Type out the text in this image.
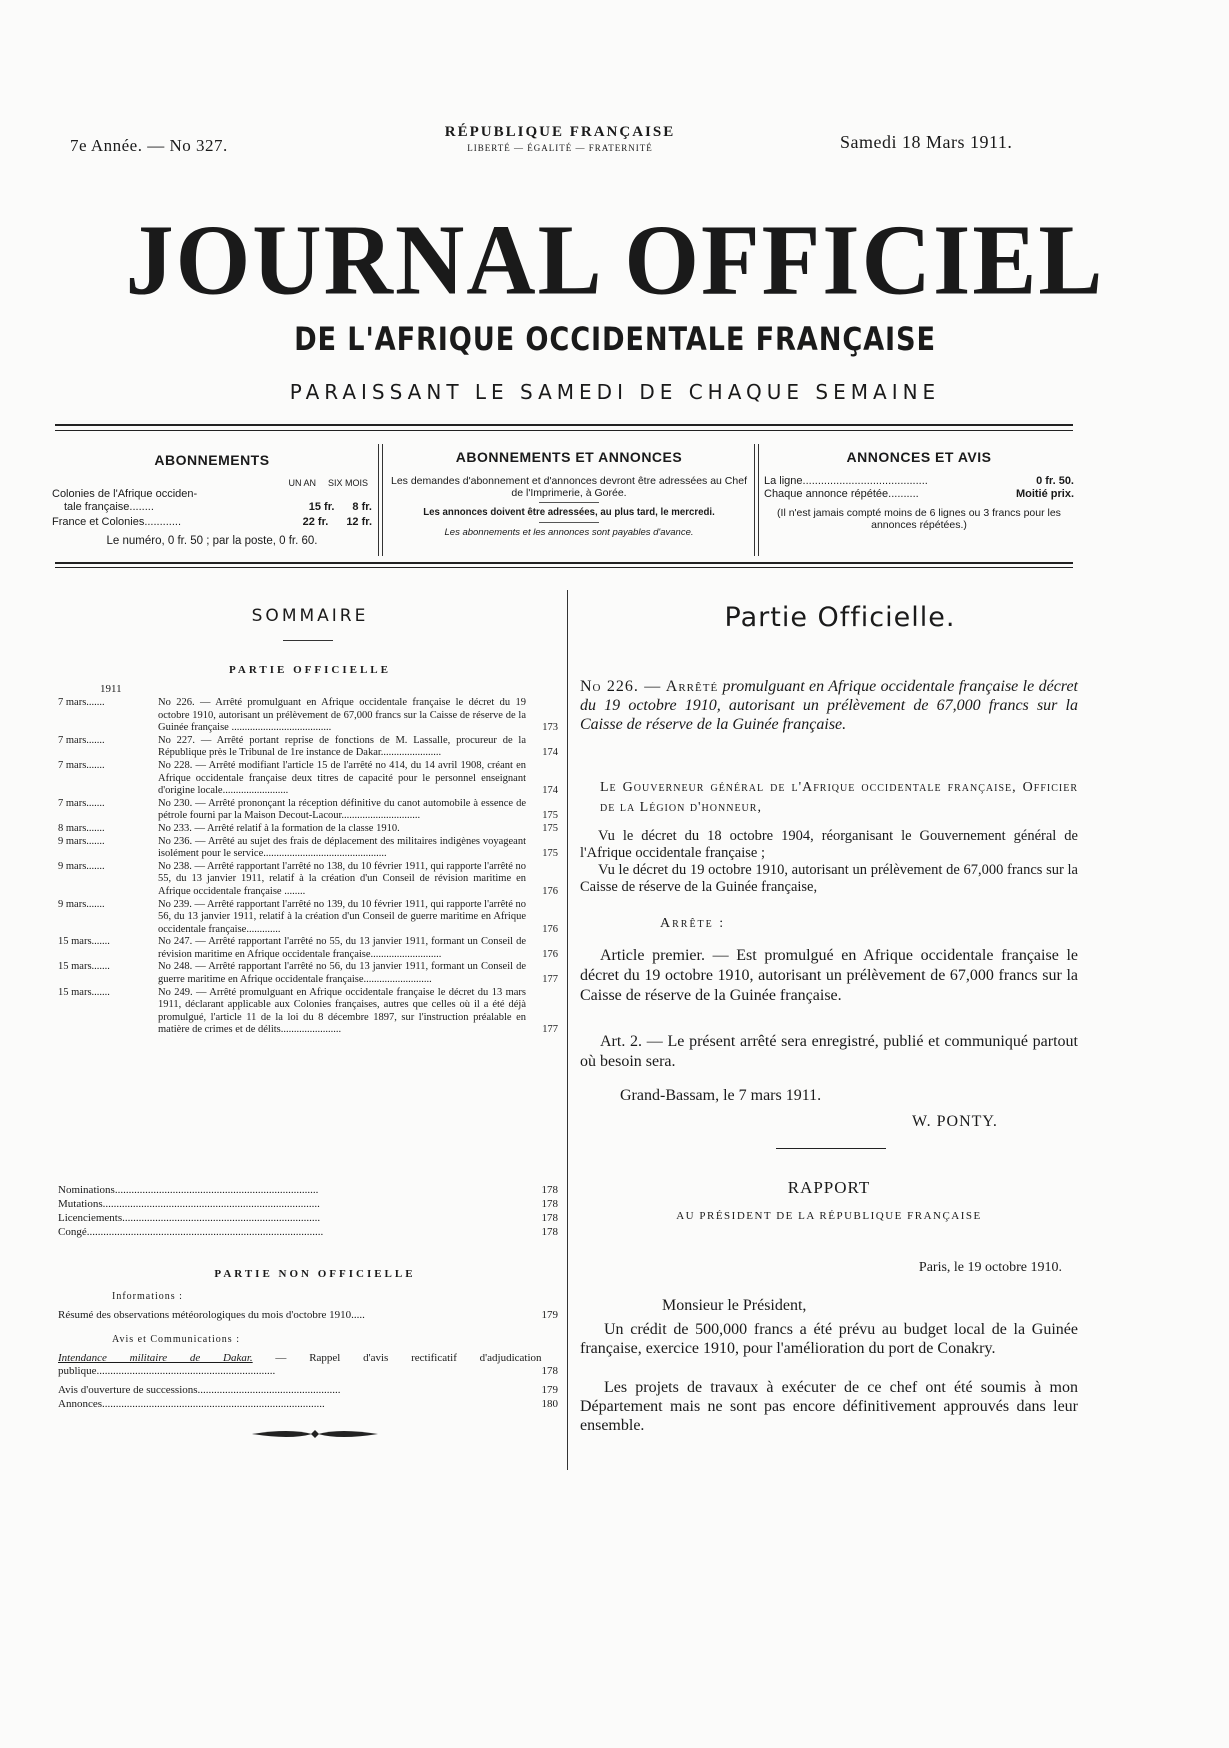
7e Année. — No 327.
RÉPUBLIQUE FRANÇAISE
LIBERTÉ — ÉGALITÉ — FRATERNITÉ	Samedi 18 Mars 1911.
JOURNAL OFFICIEL
DE L'AFRIQUE OCCIDENTALE FRANÇAISE
PARAISSANT LE SAMEDI DE CHAQUE SEMAINE
ABONNEMENTS
UN AN SIX MOIS
Colonies de l'Afrique occiden-
tale française........	15 fr. 8 fr.
France et Colonies............	22 fr. 12 fr.
Le numéro, 0 fr. 50 ; par la poste, 0 fr. 60.
ABONNEMENTS ET ANNONCES
Les demandes d'abonnement et d'annonces devront être adressées au Chef de l'Imprimerie, à Gorée.
Les annonces doivent être adressées, au plus tard, le mercredi.
Les abonnements et les annonces sont payables d'avance.
ANNONCES ET AVIS
La ligne.........................................	0 fr. 50.
Chaque annonce répétée..........	Moitié prix.
(Il n'est jamais compté moins de 6 lignes ou 3 francs pour les annonces répétées.)
SOMMAIRE
PARTIE OFFICIELLE
1911
7 mars.......	No 226. — Arrêté promulguant en Afrique occidentale française le décret du 19 octobre 1910, autorisant un prélèvement de 67,000 francs sur la Caisse de réserve de la Guinée française ......................................	173
7 mars.......	No 227. — Arrêté portant reprise de fonctions de M. Lassalle, procureur de la République près le Tribunal de 1re instance de Dakar.......................	174
7 mars.......	No 228. — Arrêté modifiant l'article 15 de l'arrêté no 414, du 14 avril 1908, créant en Afrique occidentale française deux titres de capacité pour le personnel enseignant d'origine locale.........................	174
7 mars.......	No 230. — Arrêté prononçant la réception définitive du canot automobile à essence de pétrole fourni par la Maison Decout-Lacour..............................	175
8 mars.......	No 233. — Arrêté relatif à la formation de la classe 1910.	175
9 mars.......	No 236. — Arrêté au sujet des frais de déplacement des militaires indigènes voyageant isolément pour le service...............................................	175
9 mars.......	No 238. — Arrêté rapportant l'arrêté no 138, du 10 février 1911, qui rapporte l'arrêté no 55, du 13 janvier 1911, relatif à la création d'un Conseil de révision maritime en Afrique occidentale française ........	176
9 mars.......	No 239. — Arrêté rapportant l'arrêté no 139, du 10 février 1911, qui rapporte l'arrêté no 56, du 13 janvier 1911, relatif à la création d'un Conseil de guerre maritime en Afrique occidentale française.............	176
15 mars.......	No 247. — Arrêté rapportant l'arrêté no 55, du 13 janvier 1911, formant un Conseil de révision maritime en Afrique occidentale française...........................	176
15 mars.......	No 248. — Arrêté rapportant l'arrêté no 56, du 13 janvier 1911, formant un Conseil de guerre maritime en Afrique occidentale française..........................	177
15 mars.......	No 249. — Arrêté promulguant en Afrique occidentale française le décret du 13 mars 1911, déclarant applicable aux Colonies françaises, autres que celles où il a été déjà promulgué, l'article 11 de la loi du 8 décembre 1897, sur l'instruction préalable en matière de crimes et de délits.......................	177
Nominations..........................................................................	178
Mutations...............................................................................	178
Licenciements........................................................................	178
Congé......................................................................................	178
PARTIE NON OFFICIELLE
Informations :
Résumé des observations météorologiques du mois d'octobre 1910.....	179
Avis et Communications :
Intendance militaire de Dakar. — Rappel d'avis rectificatif d'adjudication publique.................................................................	178
Avis d'ouverture de successions....................................................	179
Annonces.................................................................................	180
Partie Officielle.
No 226. — Arrêté promulguant en Afrique occidentale française le décret du 19 octobre 1910, autorisant un prélèvement de 67,000 francs sur la Caisse de réserve de la Guinée française.
Le Gouverneur général de l'Afrique occidentale française, Officier de la Légion d'honneur,
Vu le décret du 18 octobre 1904, réorganisant le Gouvernement général de l'Afrique occidentale française ;
Vu le décret du 19 octobre 1910, autorisant un prélèvement de 67,000 francs sur la Caisse de réserve de la Guinée française,
Arrête :
Article premier. — Est promulgué en Afrique occidentale française le décret du 19 octobre 1910, autorisant un prélèvement de 67,000 francs sur la Caisse de réserve de la Guinée française.
Art. 2. — Le présent arrêté sera enregistré, publié et communiqué partout où besoin sera.
Grand-Bassam, le 7 mars 1911.
W. PONTY.
RAPPORT
AU PRÉSIDENT DE LA RÉPUBLIQUE FRANÇAISE
Paris, le 19 octobre 1910.
Monsieur le Président,
Un crédit de 500,000 francs a été prévu au budget local de la Guinée française, exercice 1910, pour l'amélioration du port de Conakry.
Les projets de travaux à exécuter de ce chef ont été soumis à mon Département mais ne sont pas encore définitivement approuvés dans leur ensemble.
